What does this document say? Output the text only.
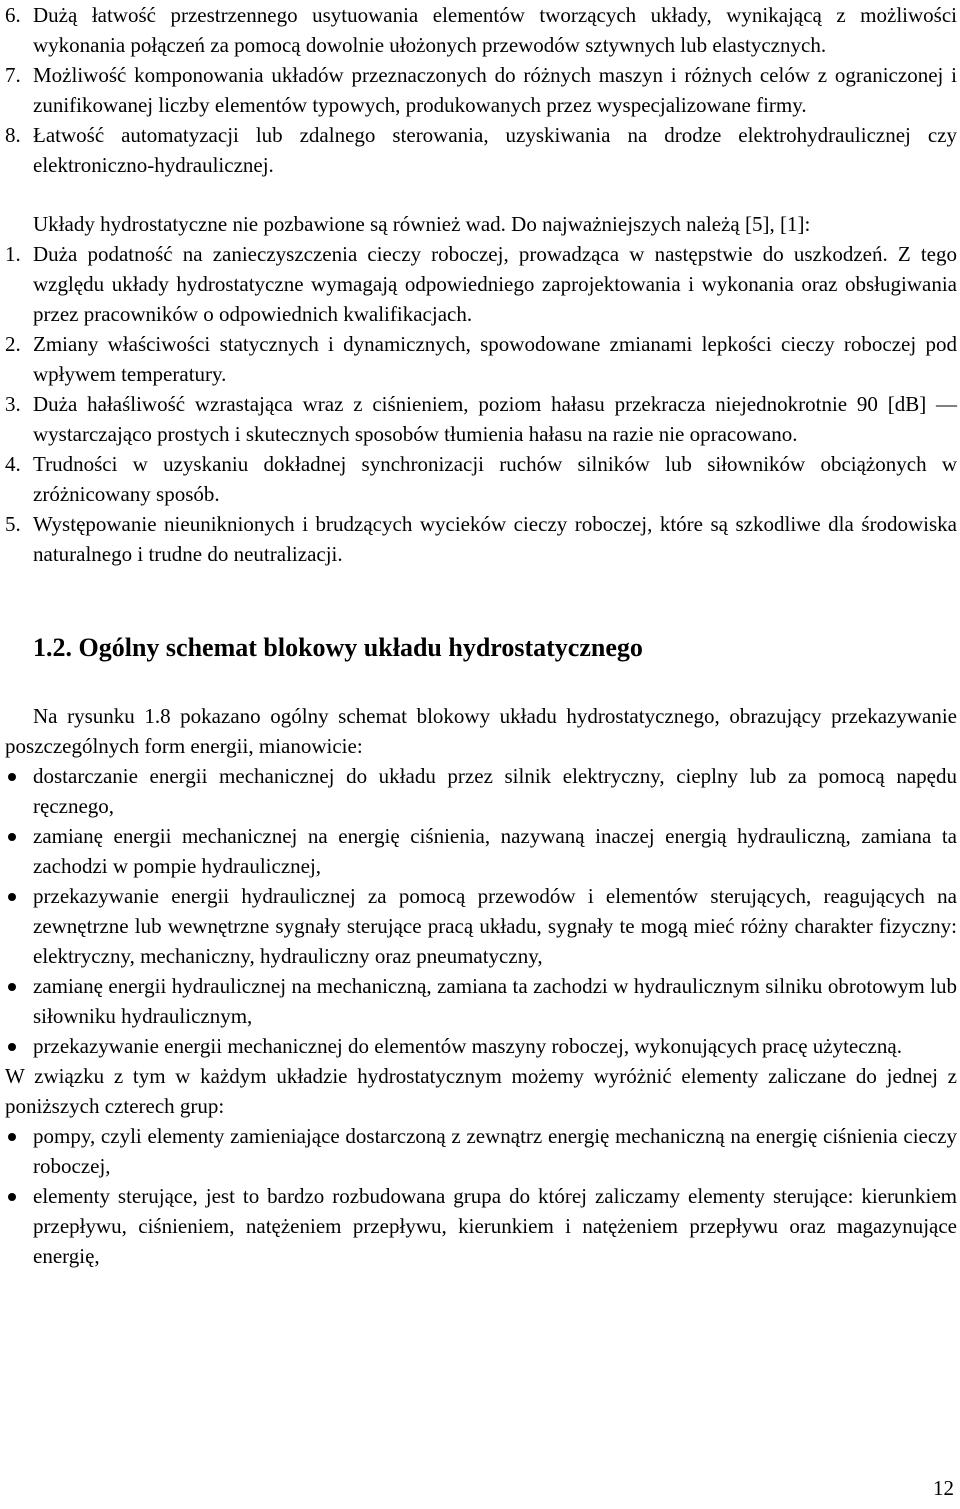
6. Dużą łatwość przestrzennego usytuowania elementów tworzących układy, wynikającą z możliwości wykonania połączeń za pomocą dowolnie ułożonych przewodów sztywnych lub elastycznych.
7. Możliwość komponowania układów przeznaczonych do różnych maszyn i różnych celów z ograniczonej i zunifikowanej liczby elementów typowych, produkowanych przez wyspecjalizowane firmy.
8. Łatwość automatyzacji lub zdalnego sterowania, uzyskiwania na drodze elektrohydraulicznej czy elektroniczno-hydraulicznej.

Układy hydrostatyczne nie pozbawione są również wad. Do najważniejszych należą [5], [1]:

1. Duża podatność na zanieczyszczenia cieczy roboczej, prowadząca w następstwie do uszkodzeń. Z tego względu układy hydrostatyczne wymagają odpowiedniego zaprojektowania i wykonania oraz obsługiwania przez pracowników o odpowiednich kwalifikacjach.
2. Zmiany właściwości statycznych i dynamicznych, spowodowane zmianami lepkości cieczy roboczej pod wpływem temperatury.
3. Duża hałaśliwość wzrastająca wraz z ciśnieniem, poziom hałasu przekracza niejednokrotnie 90 [dB] — wystarczająco prostych i skutecznych sposobów tłumienia hałasu na razie nie opracowano.
4. Trudności w uzyskaniu dokładnej synchronizacji ruchów silników lub siłowników obciążonych w zróżnicowany sposób.
5. Występowanie nieuniknionych i brudzących wycieków cieczy roboczej, które są szkodliwe dla środowiska naturalnego i trudne do neutralizacji.
1.2. Ogólny schemat blokowy układu hydrostatycznego

Na rysunku 1.8 pokazano ogólny schemat blokowy układu hydrostatycznego, obrazujący przekazywanie poszczególnych form energii, mianowicie:

dostarczanie energii mechanicznej do układu przez silnik elektryczny, cieplny lub za pomocą napędu ręcznego,
zamianę energii mechanicznej na energię ciśnienia, nazywaną inaczej energią hydrauliczną, zamiana ta zachodzi w pompie hydraulicznej,
przekazywanie energii hydraulicznej za pomocą przewodów i elementów sterujących, reagujących na zewnętrzne lub wewnętrzne sygnały sterujące pracą układu, sygnały te mogą mieć różny charakter fizyczny: elektryczny, mechaniczny, hydrauliczny oraz pneumatyczny,
zamianę energii hydraulicznej na mechaniczną, zamiana ta zachodzi w hydraulicznym silniku obrotowym lub siłowniku hydraulicznym,
przekazywanie energii mechanicznej do elementów maszyny roboczej, wykonujących pracę użyteczną.

W związku z tym w każdym układzie hydrostatycznym możemy wyróżnić elementy zaliczane do jednej z poniższych czterech grup:

pompy, czyli elementy zamieniające dostarczoną z zewnątrz energię mechaniczną na energię ciśnienia cieczy roboczej,
elementy sterujące, jest to bardzo rozbudowana grupa do której zaliczamy elementy sterujące: kierunkiem przepływu, ciśnieniem, natężeniem przepływu, kierunkiem i natężeniem przepływu oraz magazynujące energię,
12
